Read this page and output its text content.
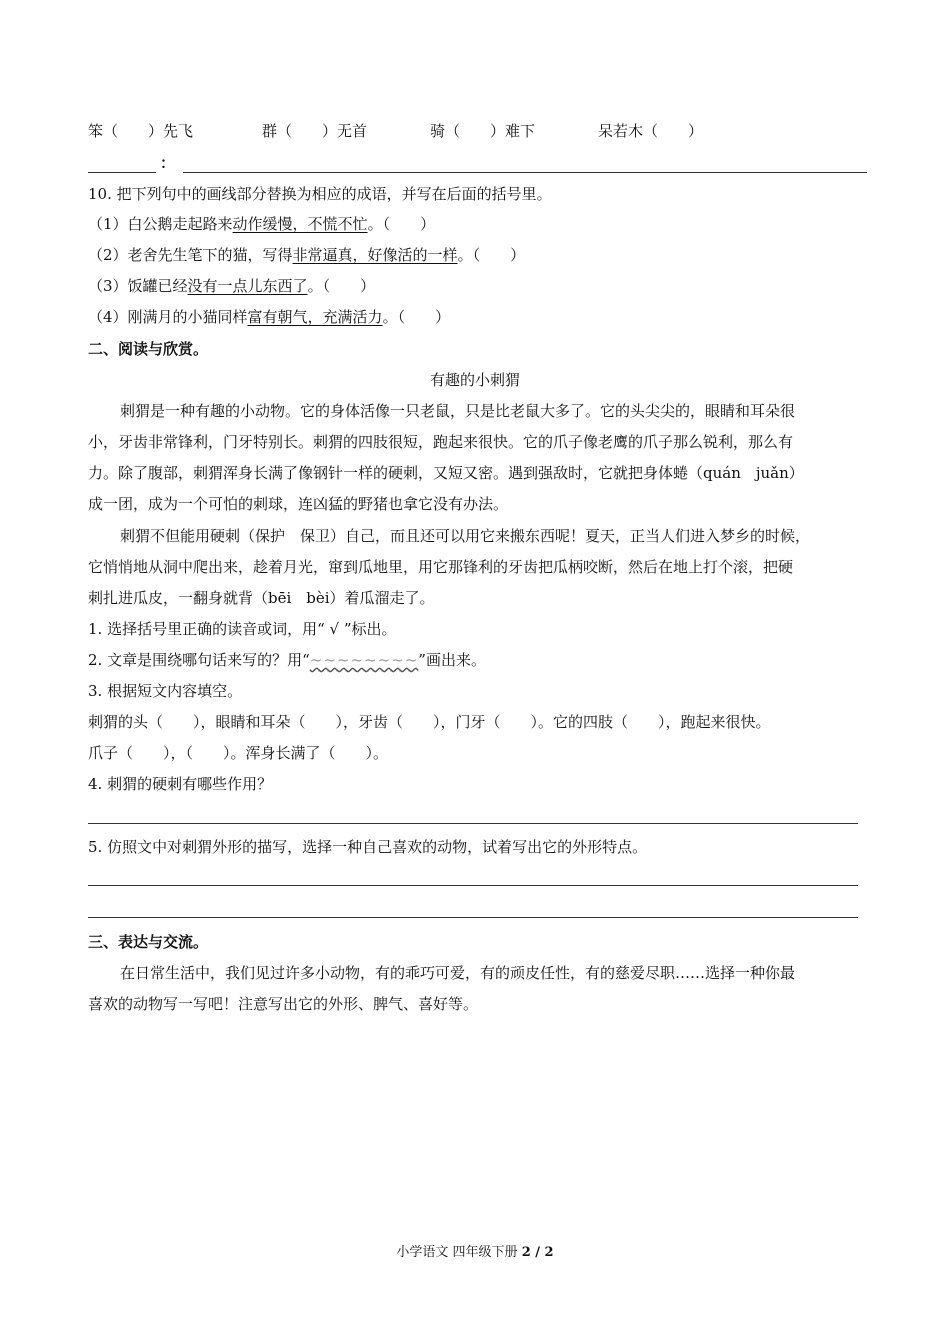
笨（　　）先飞	群（　　）无首	骑（　　）难下	呆若木（　　）
：
10. 把下列句中的画线部分替换为相应的成语，并写在后面的括号里。
（1）白公鹅走起路来动作缓慢，不慌不忙。（　　）
（2）老舍先生笔下的猫，写得非常逼真，好像活的一样。（　　）
（3）饭罐已经没有一点儿东西了。（　　）
（4）刚满月的小猫同样富有朝气，充满活力。（　　）
二、阅读与欣赏。
有趣的小刺猬
刺猬是一种有趣的小动物。它的身体活像一只老鼠，只是比老鼠大多了。它的头尖尖的，眼睛和耳朵很
小，牙齿非常锋利，门牙特别长。刺猬的四肢很短，跑起来很快。它的爪子像老鹰的爪子那么锐利，那么有
力。除了腹部，刺猬浑身长满了像钢针一样的硬刺，又短又密。遇到强敌时，它就把身体蜷（quán　juǎn）
成一团，成为一个可怕的刺球，连凶猛的野猪也拿它没有办法。
刺猬不但能用硬刺（保护　保卫）自己，而且还可以用它来搬东西呢！夏天，正当人们进入梦乡的时候，
它悄悄地从洞中爬出来，趁着月光，窜到瓜地里，用它那锋利的牙齿把瓜柄咬断，然后在地上打个滚，把硬
刺扎进瓜皮，一翻身就背（bēi　bèi）着瓜溜走了。
1. 选择括号里正确的读音或词，用“ √ ”标出。
2. 文章是围绕哪句话来写的？用“~~~~~~~~”画出来。
3. 根据短文内容填空。
刺猬的头（　　），眼睛和耳朵（　　），牙齿（　　），门牙（　　）。它的四肢（　　），跑起来很快。
爪子（　　），（　　）。浑身长满了（　　）。
4. 刺猬的硬刺有哪些作用？
5. 仿照文中对刺猬外形的描写，选择一种自己喜欢的动物，试着写出它的外形特点。
三、表达与交流。
在日常生活中，我们见过许多小动物，有的乖巧可爱，有的顽皮任性，有的慈爱尽职……选择一种你最
喜欢的动物写一写吧！注意写出它的外形、脾气、喜好等。
小学语文 四年级下册 2 / 2
